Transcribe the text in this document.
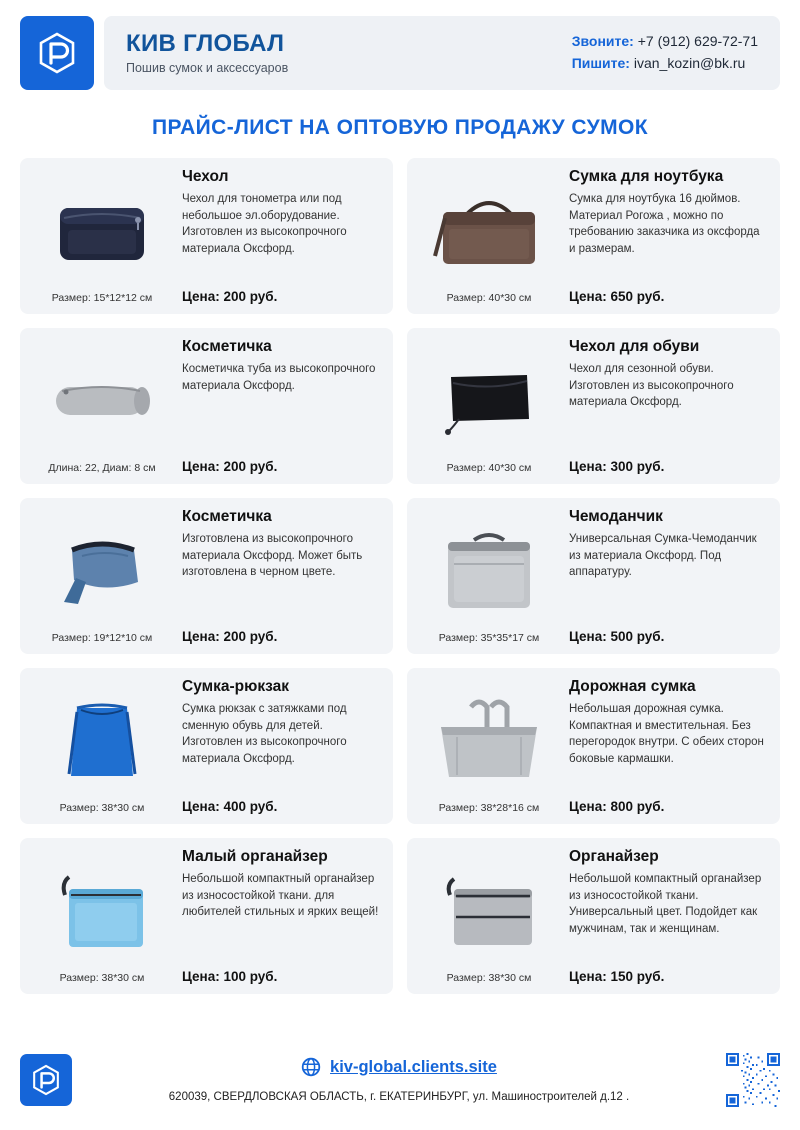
КИВ ГЛОБАЛ
Пошив сумок и аксессуаров
Звоните: +7 (912) 629-72-71
Пишите: ivan_kozin@bk.ru
ПРАЙС-ЛИСТ НА ОПТОВУЮ ПРОДАЖУ СУМОК
Размер: 15*12*12 см
Чехол
Чехол для тонометра или под небольшое эл.оборудование. Изготовлен из высокопрочного материала Оксфорд.
Цена: 200 руб.	Размер: 40*30 см
Сумка для ноутбука
Сумка для ноутбука 16 дюймов. Материал Рогожа , можно по требованию заказчика из оксфорда и размерам.
Цена: 650 руб.
Длина: 22, Диам: 8 см
Косметичка
Косметичка туба из высокопрочного материала Оксфорд.
Цена: 200 руб.	Размер: 40*30 см
Чехол для обуви
Чехол для сезонной обуви. Изготовлен из высокопрочного материала Оксфорд.
Цена: 300 руб.
Размер: 19*12*10 см
Косметичка
Изготовлена из высокопрочного материала Оксфорд. Может быть изготовлена в черном цвете.
Цена: 200 руб.	Размер: 35*35*17 см
Чемоданчик
Универсальная Сумка-Чемоданчик из материала Оксфорд. Под аппаратуру.
Цена: 500 руб.
Размер: 38*30 см
Сумка-рюкзак
Сумка рюкзак с затяжками под сменную обувь для детей. Изготовлен из высокопрочного материала Оксфорд.
Цена: 400 руб.	Размер: 38*28*16 см
Дорожная сумка
Небольшая дорожная сумка. Компактная и вместительная. Без перегородок внутри. С обеих сторон боковые кармашки.
Цена: 800 руб.
Размер: 38*30 см
Малый органайзер
Небольшой компактный органайзер из износостойкой ткани. для любителей стильных и ярких вещей!
Цена: 100 руб.	Размер: 38*30 см
Органайзер
Небольшой компактный органайзер из износостойкой ткани. Универсальный цвет. Подойдет как мужчинам, так и женщинам.
Цена: 150 руб.
kiv-global.clients.site
620039, СВЕРДЛОВСКАЯ ОБЛАСТЬ, г. ЕКАТЕРИНБУРГ, ул. Машиностроителей д.12 .
